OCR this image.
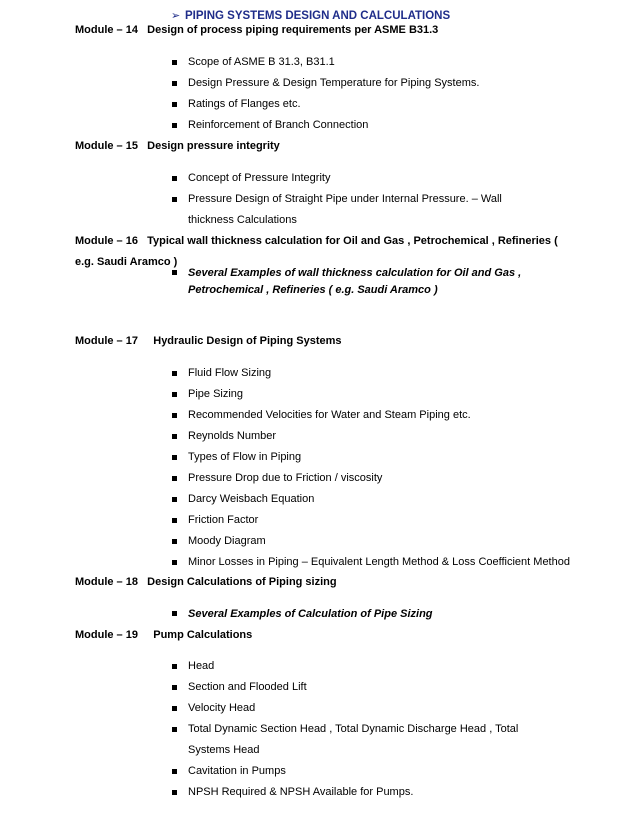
➢ PIPING SYSTEMS DESIGN AND CALCULATIONS
Module – 14 Design of process piping requirements per ASME B31.3
Scope of ASME B 31.3, B31.1
Design Pressure & Design Temperature for Piping Systems.
Ratings of Flanges etc.
Reinforcement of Branch Connection
Module – 15 Design pressure integrity
Concept of Pressure Integrity
Pressure Design of Straight Pipe under Internal Pressure. – Wall thickness Calculations
Module – 16 Typical wall thickness calculation for Oil and Gas , Petrochemical , Refineries ( e.g. Saudi Aramco )
Several Examples of wall thickness calculation for Oil and Gas , Petrochemical , Refineries ( e.g. Saudi Aramco )
Module – 17 Hydraulic Design of Piping Systems
Fluid Flow Sizing
Pipe Sizing
Recommended Velocities for Water and Steam Piping etc.
Reynolds Number
Types of Flow in Piping
Pressure Drop due to Friction / viscosity
Darcy Weisbach Equation
Friction Factor
Moody Diagram
Minor Losses in Piping – Equivalent Length Method & Loss Coefficient Method
Module – 18 Design Calculations of Piping sizing
Several Examples of Calculation of Pipe Sizing
Module – 19 Pump Calculations
Head
Section and Flooded Lift
Velocity Head
Total Dynamic Section Head , Total Dynamic Discharge Head , Total Systems Head
Cavitation in Pumps
NPSH Required & NPSH Available for Pumps.
